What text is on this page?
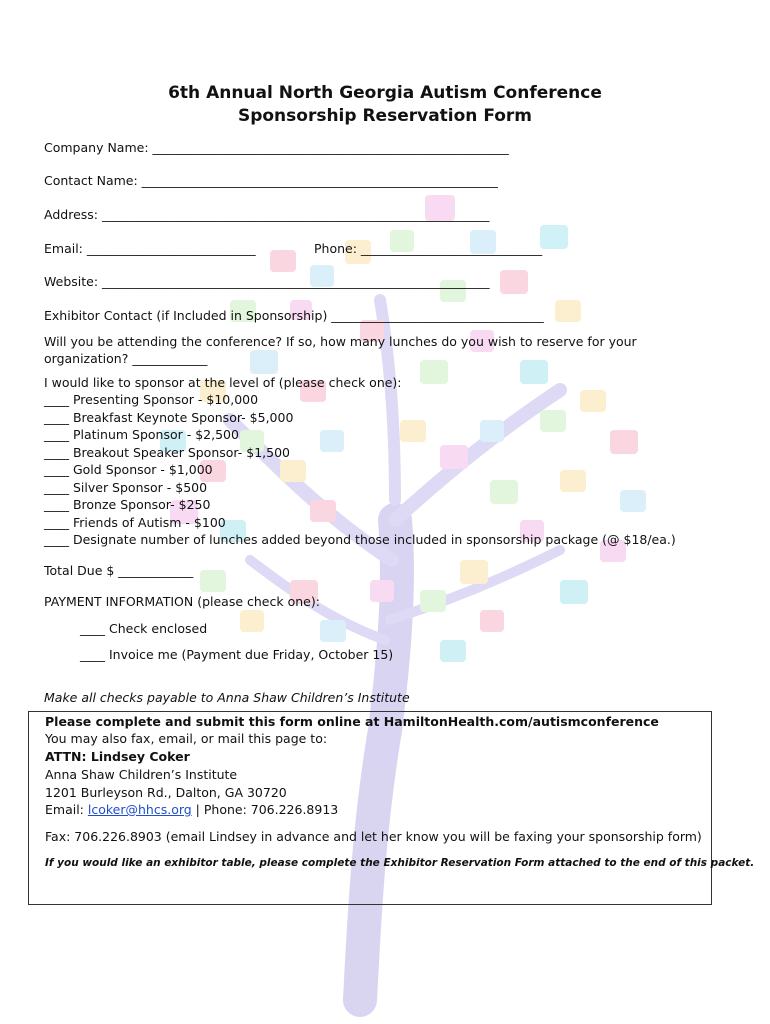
6th Annual North Georgia Autism Conference
Sponsorship Reservation Form
Company Name: _________________________________________________________
Contact Name: _________________________________________________________
Address: ______________________________________________________________
Email: ___________________________	Phone: _____________________________
Website: ______________________________________________________________
Exhibitor Contact (if Included in Sponsorship) __________________________________
Will you be attending the conference? If so, how many lunches do you wish to reserve for your
organization? ____________
I would like to sponsor at the level of (please check one):
____ Presenting Sponsor - $10,000
____ Breakfast Keynote Sponsor- $5,000
____ Platinum Sponsor - $2,500
____ Breakout Speaker Sponsor- $1,500
____ Gold Sponsor - $1,000
____ Silver Sponsor - $500
____ Bronze Sponsor- $250
____ Friends of Autism - $100
____ Designate number of lunches added beyond those included in sponsorship package (@ $18/ea.)
Total Due $ ____________
PAYMENT INFORMATION (please check one):
____ Check enclosed
____ Invoice me (Payment due Friday, October 15)
Make all checks payable to Anna Shaw Children’s Institute
Please complete and submit this form online at HamiltonHealth.com/autismconference
You may also fax, email, or mail this page to:
ATTN: Lindsey Coker
Anna Shaw Children’s Institute
1201 Burleyson Rd., Dalton, GA 30720
Email: lcoker@hhcs.org | Phone: 706.226.8913
Fax: 706.226.8903 (email Lindsey in advance and let her know you will be faxing your sponsorship form)
If you would like an exhibitor table, please complete the Exhibitor Reservation Form attached to the end of this packet.
